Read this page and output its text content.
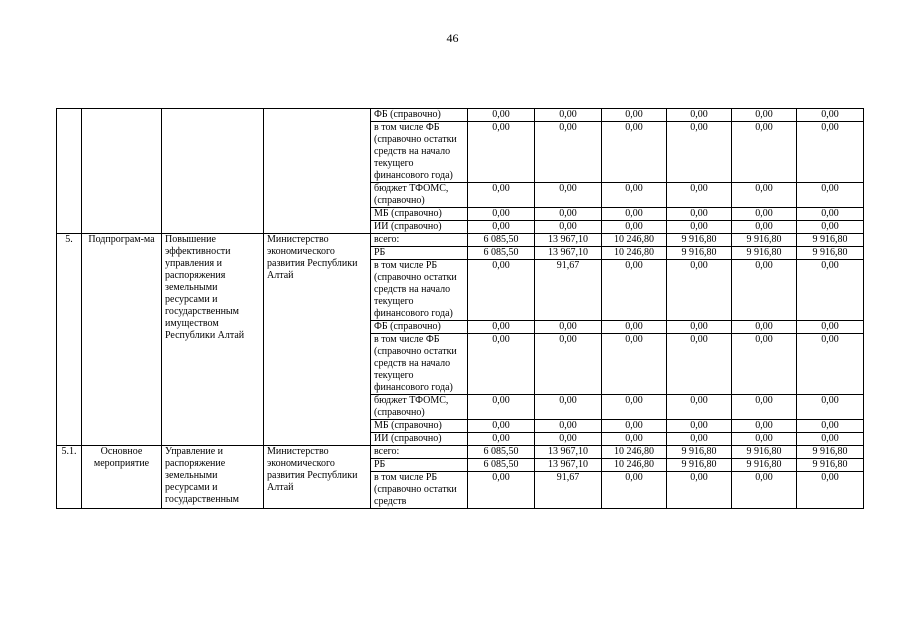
46
				ФБ (справочно)	0,00	0,00	0,00	0,00	0,00	0,00
				в том числе ФБ (справочно остатки средств на начало текущего финансового года)	0,00	0,00	0,00	0,00	0,00	0,00
				бюджет ТФОМС, (справочно)	0,00	0,00	0,00	0,00	0,00	0,00
				МБ (справочно)	0,00	0,00	0,00	0,00	0,00	0,00
				ИИ (справочно)	0,00	0,00	0,00	0,00	0,00	0,00
5.	Подпрограм-ма	Повышение эффективности управления и распоряжения земельными ресурсами и государственным имуществом Республики Алтай	Министерство экономического развития Республики Алтай	всего:	6 085,50	13 967,10	10 246,80	9 916,80	9 916,80	9 916,80
				РБ	6 085,50	13 967,10	10 246,80	9 916,80	9 916,80	9 916,80
				в том числе РБ (справочно остатки средств на начало текущего финансового года)	0,00	91,67	0,00	0,00	0,00	0,00
				ФБ (справочно)	0,00	0,00	0,00	0,00	0,00	0,00
				в том числе ФБ (справочно остатки средств на начало текущего финансового года)	0,00	0,00	0,00	0,00	0,00	0,00
				бюджет ТФОМС, (справочно)	0,00	0,00	0,00	0,00	0,00	0,00
				МБ (справочно)	0,00	0,00	0,00	0,00	0,00	0,00
				ИИ (справочно)	0,00	0,00	0,00	0,00	0,00	0,00
5.1.	Основное мероприятие	Управление и распоряжение земельными ресурсами и государственным	Министерство экономического развития Республики Алтай	всего:	6 085,50	13 967,10	10 246,80	9 916,80	9 916,80	9 916,80
				РБ	6 085,50	13 967,10	10 246,80	9 916,80	9 916,80	9 916,80
				в том числе РБ (справочно остатки средств	0,00	91,67	0,00	0,00	0,00	0,00
